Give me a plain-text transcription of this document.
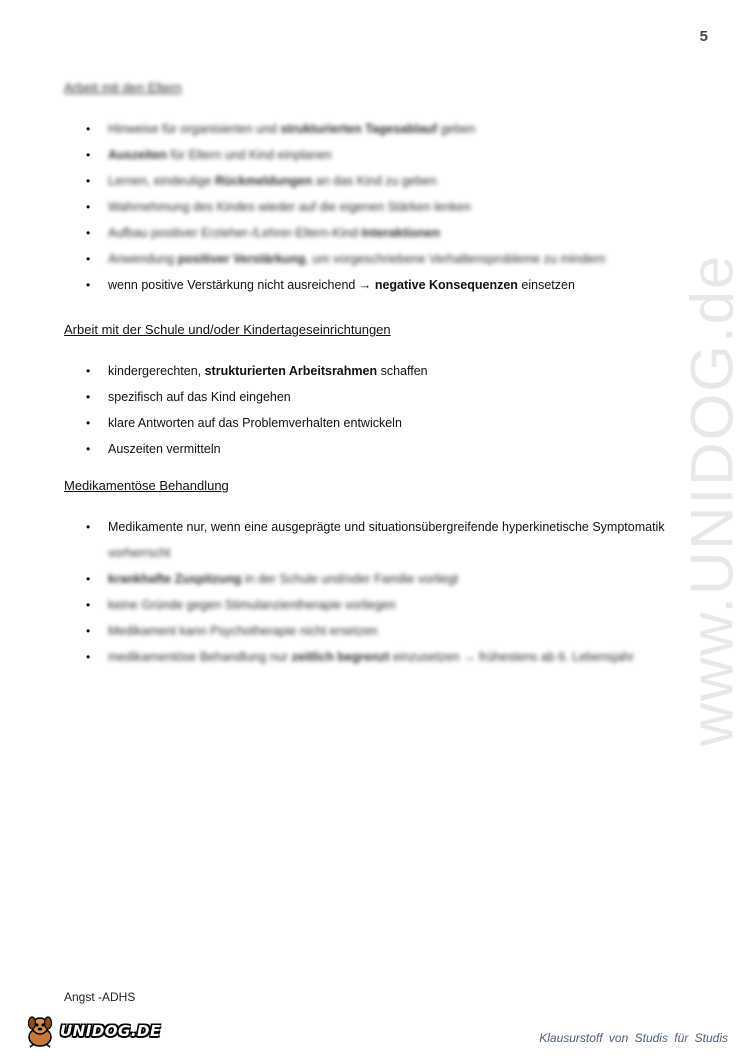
5
www.UNIDOG.de
Arbeit mit den Eltern
• Hinweise für organisierten und strukturierten Tagesablauf geben
• Auszeiten für Eltern und Kind einplanen
• Lernen, eindeutige Rückmeldungen an das Kind zu geben
• Wahrnehmung des Kindes wieder auf die eigenen Stärken lenken
• Aufbau positiver Erzieher-/Lehrer-Eltern-Kind-Interaktionen
• Anwendung positiver Verstärkung, um vorgeschriebene Verhaltensprobleme zu mindern
• wenn positive Verstärkung nicht ausreichend → negative Konsequenzen einsetzen
Arbeit mit der Schule und/oder Kindertageseinrichtungen
• kindergerechten, strukturierten Arbeitsrahmen schaffen
• spezifisch auf das Kind eingehen
• klare Antworten auf das Problemverhalten entwickeln
• Auszeiten vermitteln
Medikamentöse Behandlung
• Medikamente nur, wenn eine ausgeprägte und situationsübergreifende hyperkinetische Symptomatik vorherrscht
• krankhafte Zuspitzung in der Schule und/oder Familie vorliegt
• keine Gründe gegen Stimulanzientherapie vorliegen
• Medikament kann Psychotherapie nicht ersetzen
• medikamentöse Behandlung nur zeitlich begrenzt einzusetzen → frühestens ab 6. Lebensjahr
Angst -ADHS
UNIDOG.DE	Klausurstoff von Studis für Studis
